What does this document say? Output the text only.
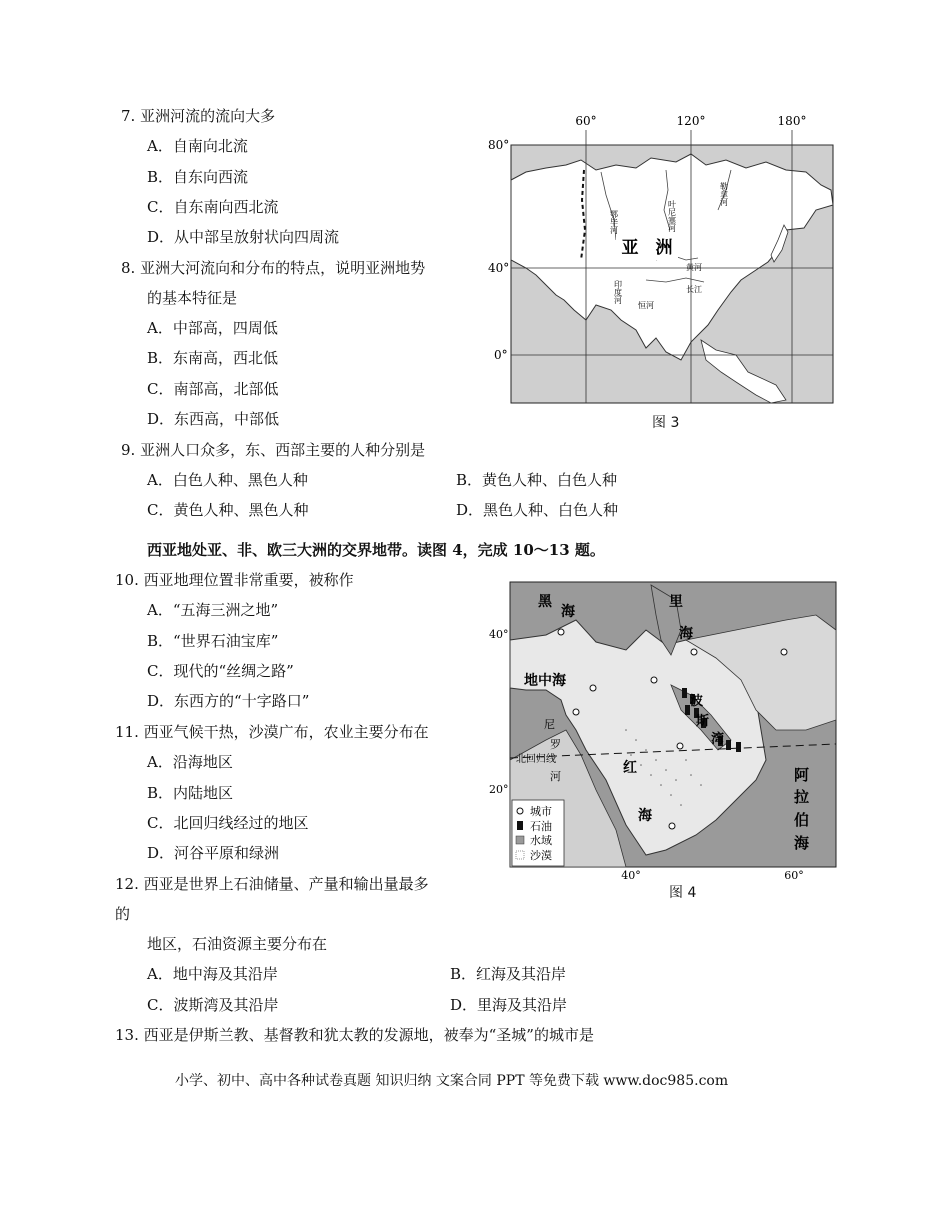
7. 亚洲河流的流向大多
A．自南向北流
B．自东向西流
C．自东南向西北流
D．从中部呈放射状向四周流
8. 亚洲大河流向和分布的特点，说明亚洲地势
的基本特征是
A．中部高，四周低
B．东南高，西北低
C．南部高，北部低
D．东西高，中部低
9. 亚洲人口众多，东、西部主要的人种分别是
A．白色人种、黑色人种	B．黄色人种、白色人种
C．黄色人种、黑色人种	D．黑色人种、白色人种
西亚地处亚、非、欧三大洲的交界地带。读图 4，完成 10～13 题。
10. 西亚地理位置非常重要，被称作
A．“五海三洲之地”
B．“世界石油宝库”
C．现代的“丝绸之路”
D．东西方的“十字路口”
11. 西亚气候干热，沙漠广布，农业主要分布在
A．沿海地区
B．内陆地区
C．北回归线经过的地区
D．河谷平原和绿洲
12. 西亚是世界上石油储量、产量和输出量最多
的
地区，石油资源主要分布在
A．地中海及其沿岸	B．红海及其沿岸
C．波斯湾及其沿岸	D．里海及其沿岸
13. 西亚是伊斯兰教、基督教和犹太教的发源地，被奉为“圣城”的城市是
亚　洲
60°	120°	180°
80°
40°
0°
叶尼塞河
勒拿河
鄂毕河
印度河
恒河
黄河
长江
图 3
黑
海
里
海
地中海
红
海
阿
拉
伯
海
波
斯
湾
尼
罗
河
北回归线
40°
20°
40°	60°
城市
石油
水域
沙漠
图 4
小学、初中、高中各种试卷真题 知识归纳 文案合同 PPT 等免费下载 www.doc985.com
